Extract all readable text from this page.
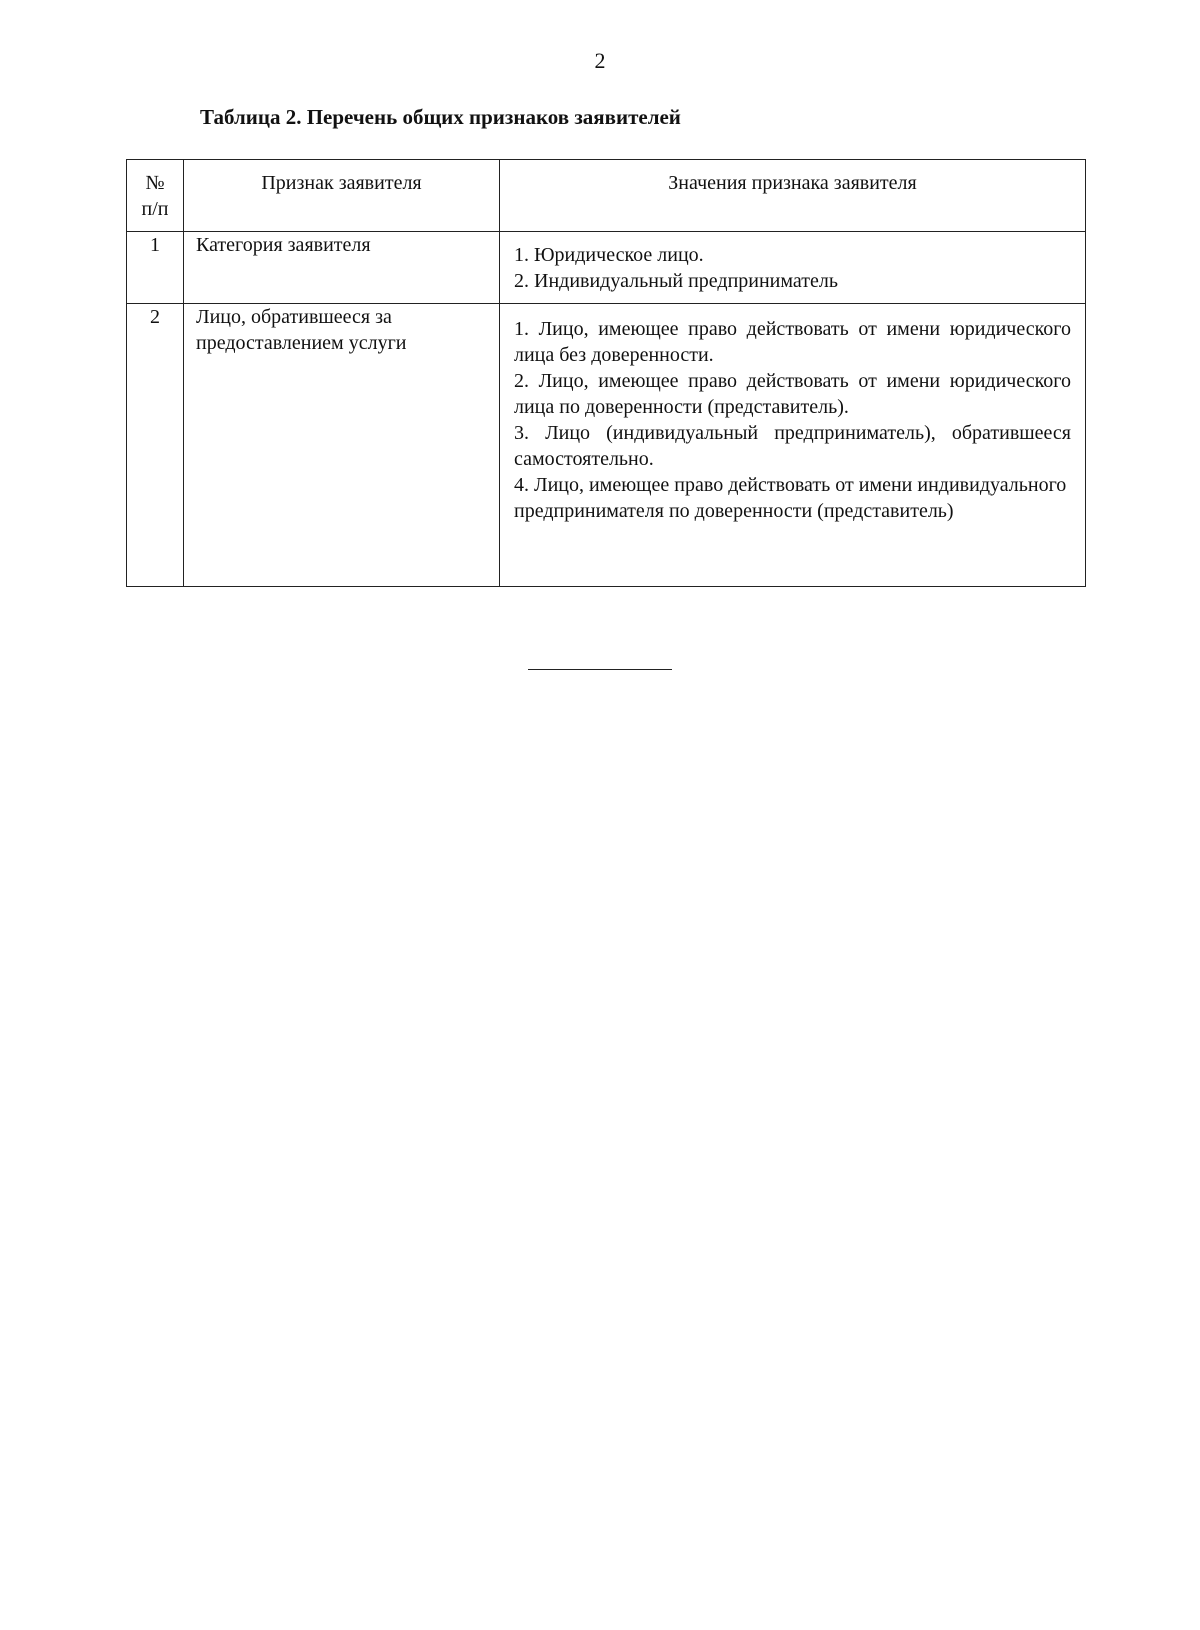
2
Таблица 2. Перечень общих признаков заявителей
№ п/п	Признак заявителя	Значения признака заявителя
1	Категория заявителя	1. Юридическое лицо.
2. Индивидуальный предприниматель

2	Лицо, обратившееся за предоставлением услуги	1. Лицо, имеющее право действовать от имени юридического лица без доверенности.
2. Лицо, имеющее право действовать от имени юридического лица по доверенности (представитель).
3. Лицо (индивидуальный предприниматель), обратившееся самостоятельно.
4. Лицо, имеющее право действовать от имени индивидуального предпринимателя по доверенности (представитель)
